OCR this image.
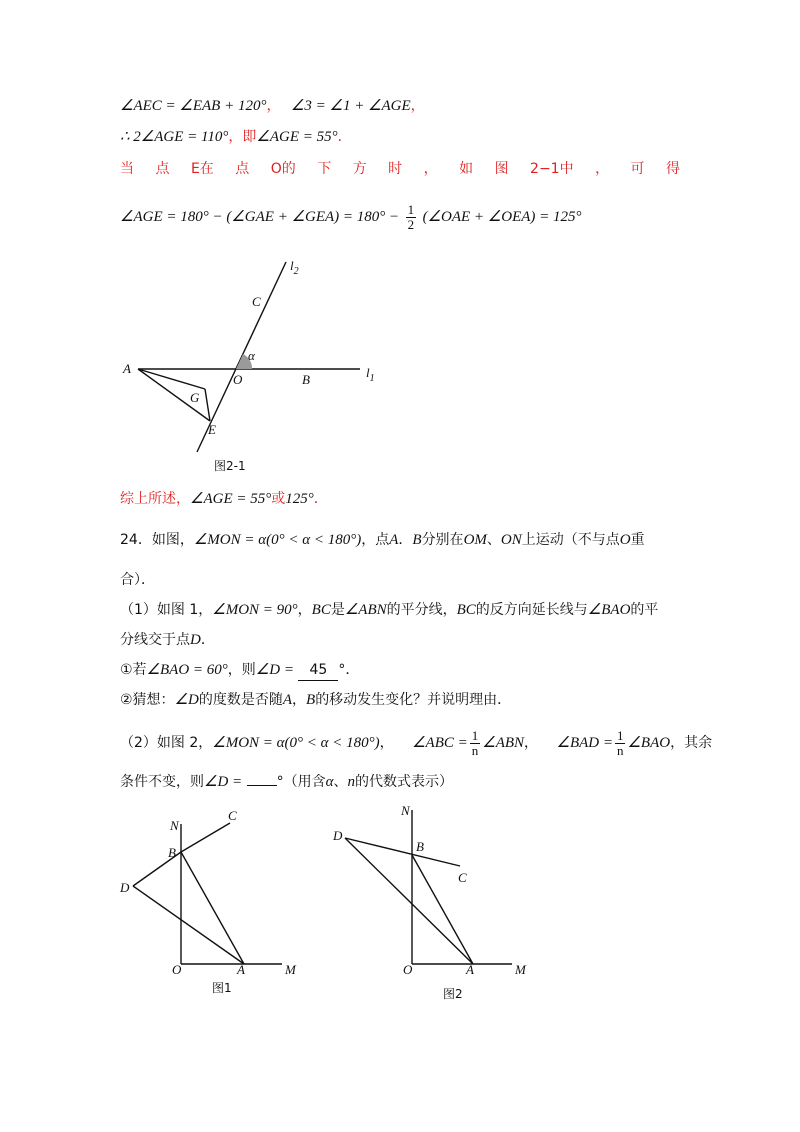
∠AEC = ∠EAB + 120°， ∠3 = ∠1 + ∠AGE，
∴ 2∠AGE = 110°，即∠AGE = 55°．
当 点 E在 点 O的 下 方 时 ， 如 图 2−1中 ， 可 得
∠AGE = 180° − (∠GAE + ∠GEA) = $180^\circ - \frac{1}{2}$ (∠OAE + ∠OEA) = 125°
$l_2$
C
α
A
O	B	$l_1$
G
E
图2-1
综上所述，∠AGE = 55°或125°．
24．如图，∠MON = α(0° < α < 180°)，点A．B分别在OM、ON上运动（不与点O重
合）．
（1）如图 1，∠MON = 90°，BC是∠ABN的平分线，BC的反方向延长线与∠BAO的平
分线交于点D．
①若∠BAO = 60°，则∠D = 45 °．
②猜想：∠D的度数是否随A，B的移动发生变化？并说明理由．
（2）如图 2，∠MON = α(0° < α < 180°)， ∠ABC = $\frac{1}{n}$ ∠ABN， ∠BAD = $\frac{1}{n}$ ∠BAO，其余
条件不变，则∠D = °（用含α、n的代数式表示）
N
C
B
D
O	A	M
图1
N
D
B
C
O	A	M
图2
